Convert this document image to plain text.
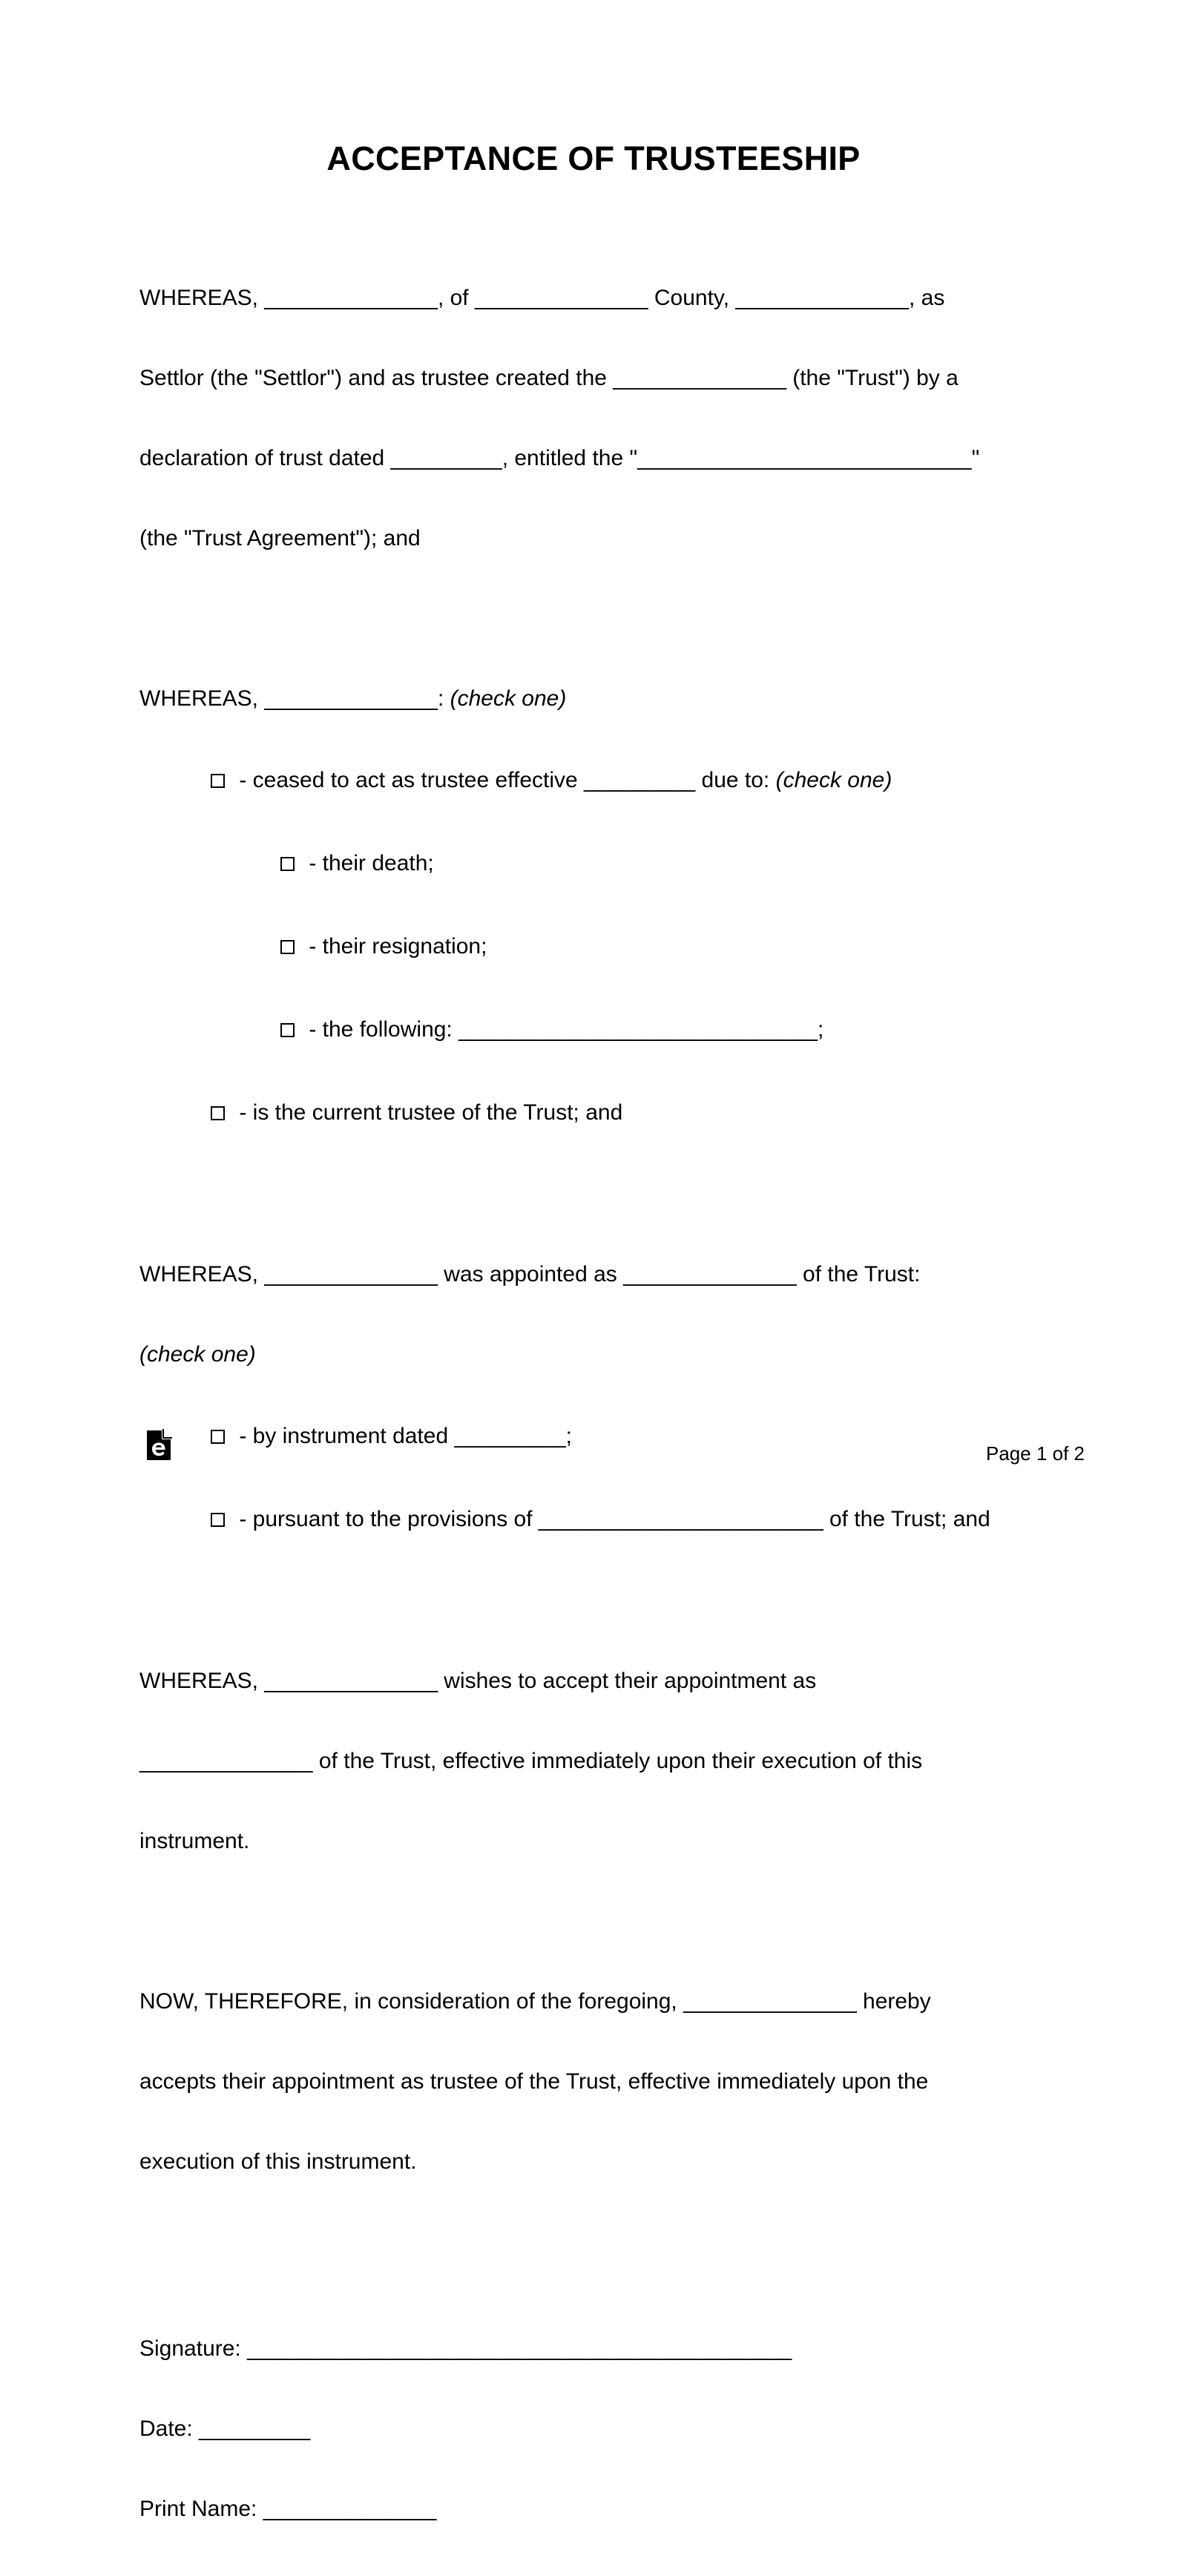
ACCEPTANCE OF TRUSTEESHIP

WHEREAS, ______________, of ______________ County, ______________, as

Settlor (the "Settlor") and as trustee created the ______________ (the "Trust") by a

declaration of trust dated _________, entitled the "___________________________"

(the "Trust Agreement"); and

WHEREAS, ______________: (check one)

- ceased to act as trustee effective _________ due to: (check one)

- their death;

- their resignation;

- the following: _____________________________;

- is the current trustee of the Trust; and

WHEREAS, ______________ was appointed as ______________ of the Trust:

(check one)

- by instrument dated _________;

- pursuant to the provisions of _______________________ of the Trust; and

WHEREAS, ______________ wishes to accept their appointment as

______________ of the Trust, effective immediately upon their execution of this

instrument.

NOW, THEREFORE, in consideration of the foregoing, ______________ hereby

accepts their appointment as trustee of the Trust, effective immediately upon the

execution of this instrument.

Signature: ____________________________________________

Date: _________

Print Name: ______________

Page 1 of 2
